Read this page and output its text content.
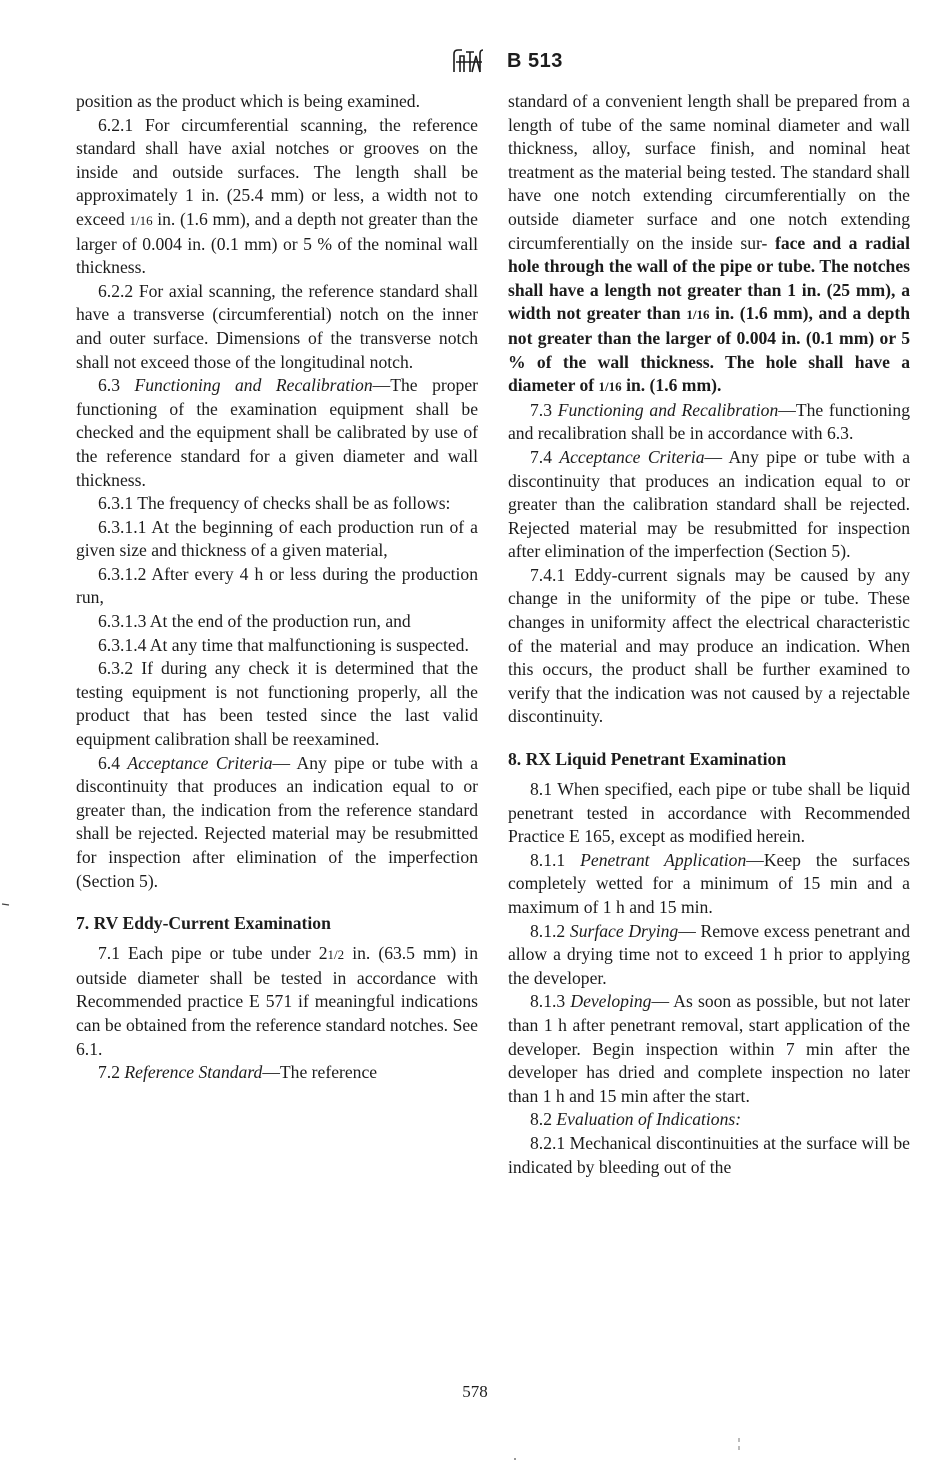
B 513

position as the product which is being examined.

6.2.1 For circumferential scanning, the reference standard shall have axial notches or grooves on the inside and outside surfaces. The length shall be approximately 1 in. (25.4 mm) or less, a width not to exceed 1/16 in. (1.6 mm), and a depth not greater than the larger of 0.004 in. (0.1 mm) or 5 % of the nominal wall thickness.

6.2.2 For axial scanning, the reference standard shall have a transverse (circumferential) notch on the inner and outer surface. Dimensions of the transverse notch shall not exceed those of the longitudinal notch.

6.3 Functioning and Recalibration—The proper functioning of the examination equipment shall be checked and the equipment shall be calibrated by use of the reference standard for a given diameter and wall thickness.

6.3.1 The frequency of checks shall be as follows:

6.3.1.1 At the beginning of each production run of a given size and thickness of a given material,

6.3.1.2 After every 4 h or less during the production run,

6.3.1.3 At the end of the production run, and

6.3.1.4 At any time that malfunctioning is suspected.

6.3.2 If during any check it is determined that the testing equipment is not functioning properly, all the product that has been tested since the last valid equipment calibration shall be reexamined.

6.4 Acceptance Criteria— Any pipe or tube with a discontinuity that produces an indication equal to or greater than, the indication from the reference standard shall be rejected. Rejected material may be resubmitted for inspection after elimination of the imperfection (Section 5).

7. RV Eddy-Current Examination

7.1 Each pipe or tube under 21/2 in. (63.5 mm) in outside diameter shall be tested in accordance with Recommended practice E 571 if meaningful indications can be obtained from the reference standard notches. See 6.1.

7.2 Reference Standard—The reference

standard of a convenient length shall be prepared from a length of tube of the same nominal diameter and wall thickness, alloy, surface finish, and nominal heat treatment as the material being tested. The standard shall have one notch extending circumferentially on the outside diameter surface and one notch extending circumferentially on the inside sur- face and a radial hole through the wall of the pipe or tube. The notches shall have a length not greater than 1 in. (25 mm), a width not greater than 1/16 in. (1.6 mm), and a depth not greater than the larger of 0.004 in. (0.1 mm) or 5 % of the wall thickness. The hole shall have a diameter of 1/16 in. (1.6 mm).

7.3 Functioning and Recalibration—The functioning and recalibration shall be in accordance with 6.3.

7.4 Acceptance Criteria— Any pipe or tube with a discontinuity that produces an indication equal to or greater than the calibration standard shall be rejected. Rejected material may be resubmitted for inspection after elimination of the imperfection (Section 5).

7.4.1 Eddy-current signals may be caused by any change in the uniformity of the pipe or tube. These changes in uniformity affect the electrical characteristic of the material and may produce an indication. When this occurs, the product shall be further examined to verify that the indication was not caused by a rejectable discontinuity.

8. RX Liquid Penetrant Examination

8.1 When specified, each pipe or tube shall be liquid penetrant tested in accordance with Recommended Practice E 165, except as modified herein.

8.1.1 Penetrant Application—Keep the surfaces completely wetted for a minimum of 15 min and a maximum of 1 h and 15 min.

8.1.2 Surface Drying— Remove excess penetrant and allow a drying time not to exceed 1 h prior to applying the developer.

8.1.3 Developing— As soon as possible, but not later than 1 h after penetrant removal, start application of the developer. Begin inspection within 7 min after the developer has dried and complete inspection no later than 1 h and 15 min after the start.

8.2 Evaluation of Indications:

8.2.1 Mechanical discontinuities at the surface will be indicated by bleeding out of the

578
